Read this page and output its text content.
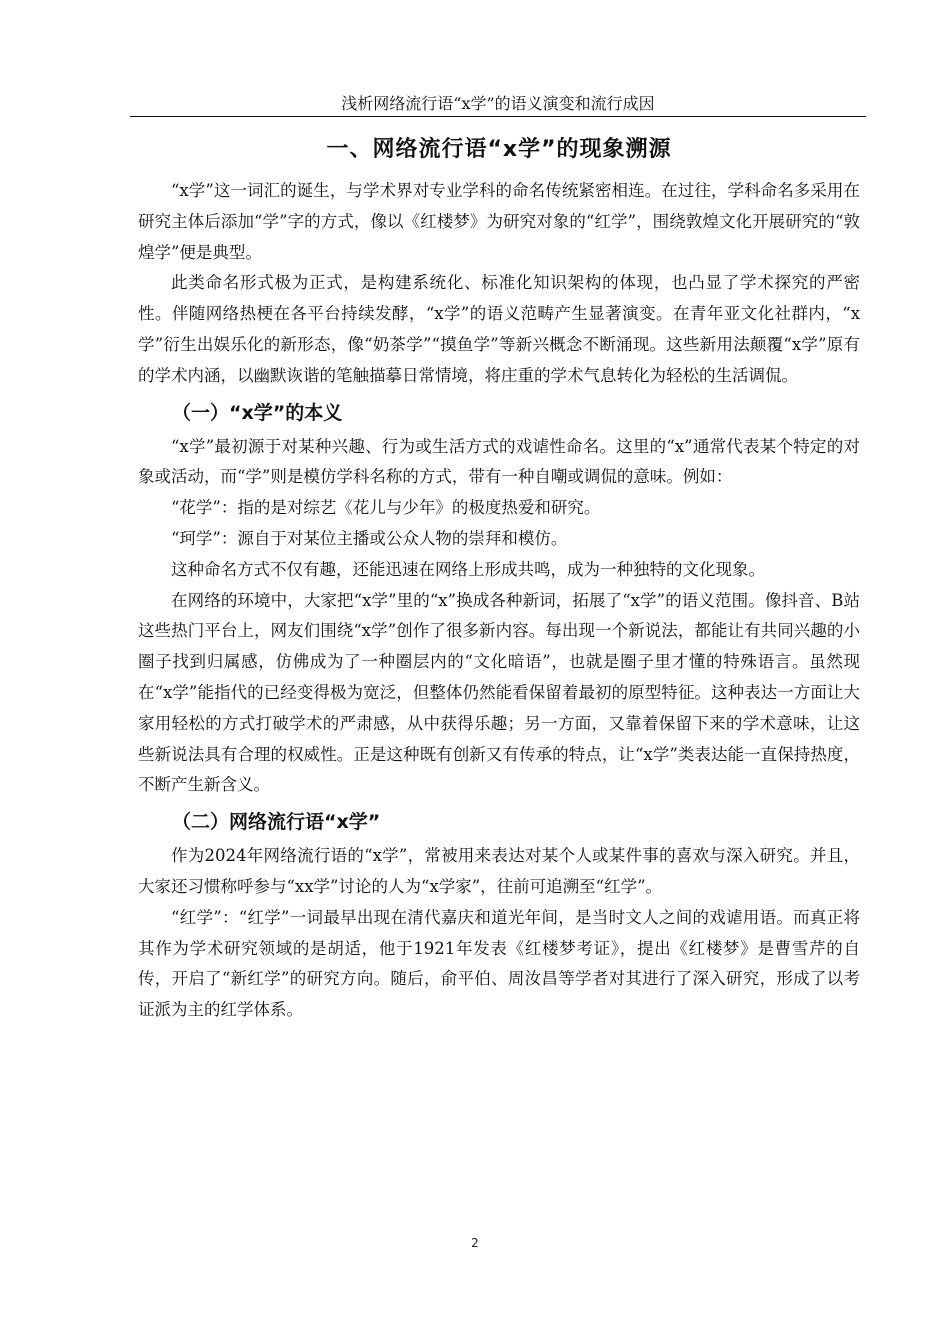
浅析网络流行语“x学”的语义演变和流行成因
一、网络流行语“x学”的现象溯源

“x学”这一词汇的诞生，与学术界对专业学科的命名传统紧密相连。在过往，学科命名多采用在研究主体后添加“学”字的方式，像以《红楼梦》为研究对象的“红学”，围绕敦煌文化开展研究的“敦煌学”便是典型。

此类命名形式极为正式，是构建系统化、标准化知识架构的体现，也凸显了学术探究的严密性。伴随网络热梗在各平台持续发酵，“x学”的语义范畴产生显著演变。在青年亚文化社群内，“x学”衍生出娱乐化的新形态，像“奶茶学”“摸鱼学”等新兴概念不断涌现。这些新用法颠覆“x学”原有的学术内涵，以幽默诙谐的笔触描摹日常情境，将庄重的学术气息转化为轻松的生活调侃。

（一）“x学”的本义

“x学”最初源于对某种兴趣、行为或生活方式的戏谑性命名。这里的“x”通常代表某个特定的对象或活动，而“学”则是模仿学科名称的方式，带有一种自嘲或调侃的意味。例如：

“花学”：指的是对综艺《花儿与少年》的极度热爱和研究。

“珂学”：源自于对某位主播或公众人物的崇拜和模仿。

这种命名方式不仅有趣，还能迅速在网络上形成共鸣，成为一种独特的文化现象。

在网络的环境中，大家把“x学”里的“x”换成各种新词，拓展了“x学”的语义范围。像抖音、B站这些热门平台上，网友们围绕“x学”创作了很多新内容。每出现一个新说法，都能让有共同兴趣的小圈子找到归属感，仿佛成为了一种圈层内的“文化暗语”，也就是圈子里才懂的特殊语言。虽然现在“x学”能指代的已经变得极为宽泛，但整体仍然能看保留着最初的原型特征。这种表达一方面让大家用轻松的方式打破学术的严肃感，从中获得乐趣；另一方面，又靠着保留下来的学术意味，让这些新说法具有合理的权威性。正是这种既有创新又有传承的特点，让“x学”类表达能一直保持热度，不断产生新含义。

（二）网络流行语“x学”

作为2024年网络流行语的“x学”，常被用来表达对某个人或某件事的喜欢与深入研究。并且，大家还习惯称呼参与“xx学”讨论的人为“x学家”，往前可追溯至“红学”。

“红学”：“红学”一词最早出现在清代嘉庆和道光年间，是当时文人之间的戏谑用语。而真正将其作为学术研究领域的是胡适，他于1921年发表《红楼梦考证》，提出《红楼梦》是曹雪芹的自传，开启了“新红学”的研究方向。随后，俞平伯、周汝昌等学者对其进行了深入研究，形成了以考证派为主的红学体系。

2
